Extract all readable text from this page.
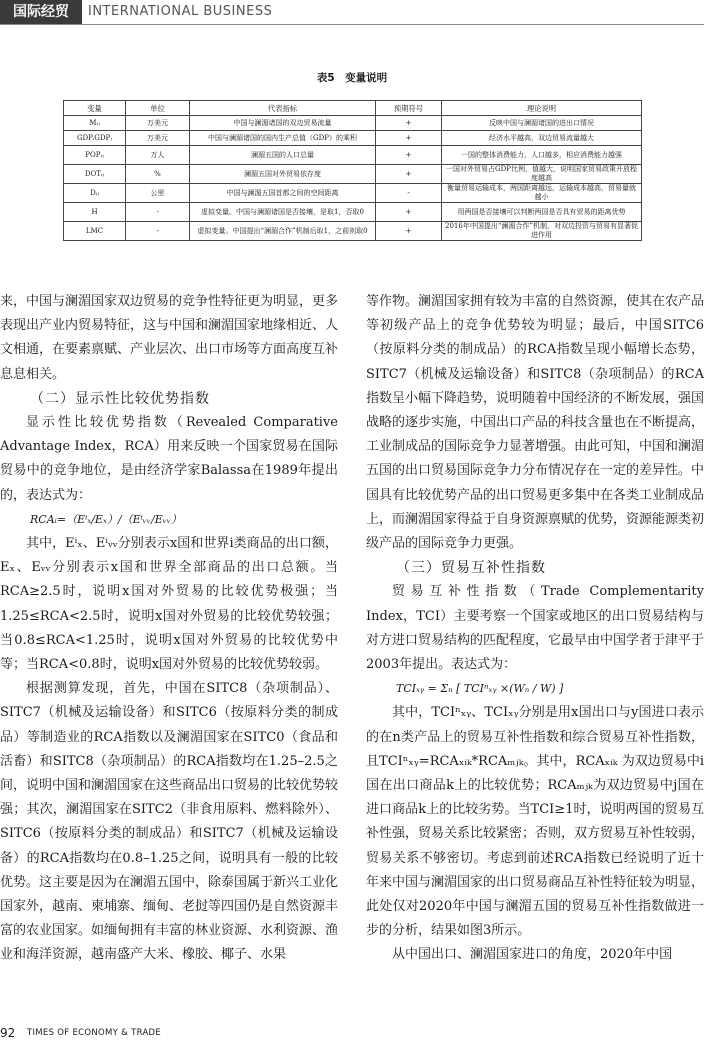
国际经贸	INTERNATIONAL BUSINESS
表5　变量说明
变量	单位	代表指标	预期符号	理论说明
Mᵢⱼ	万美元	中国与澜湄诸国的双边贸易流量	+	反映中国与澜湄诸国的进出口情况
GDPᵢGDPⱼ	万美元	中国与澜湄诸国的国内生产总值（GDP）的乘积	+	经济水平越高，双边贸易流量越大
POPᵢⱼ	万人	澜湄五国的人口总量	+	一国的整体消费能力，人口越多，相应消费能力越强
DOTᵢⱼ	%	澜湄五国对外贸易依存度	+	一国对外贸易占GDP比例，值越大，说明国家贸易政策开放程度越高
Dᵢⱼ	公里	中国与澜湄五国首都之间的空间距离	-	衡量贸易运输成本，两国距离越远，运输成本越高，贸易量就越小
H	-	虚拟变量。中国与澜湄诸国是否接壤，是取1，否取0	+	用两国是否接壤可以判断两国是否具有贸易的距离优势
LMC	-	虚拟变量。中国提出“澜湄合作”机制后取1，之前则取0	+	2016年中国提出“澜湄合作”机制，对双边投资与贸易有显著促进作用

来，中国与澜湄国家双边贸易的竞争性特征更为明显，更多表现出产业内贸易特征，这与中国和澜湄国家地缘相近、人文相通，在要素禀赋、产业层次、出口市场等方面高度互补息息相关。

（二）显示性比较优势指数

显示性比较优势指数（Revealed Comparative Advantage Index，RCA）用来反映一个国家贸易在国际贸易中的竞争地位，是由经济学家Balassa在1989年提出的，表达式为：

RCAᵢ=（Eⁱₓ/Eₓ）/（Eⁱᵥᵥ/Eᵥᵥ）

其中，Eⁱₓ、Eⁱᵥᵥ分别表示x国和世界i类商品的出口额，Eₓ、Eᵥᵥ分别表示x国和世界全部商品的出口总额。当RCA≥2.5时，说明x国对外贸易的比较优势极强；当1.25≤RCA<2.5时，说明x国对外贸易的比较优势较强；当0.8≤RCA<1.25时，说明x国对外贸易的比较优势中等；当RCA<0.8时，说明x国对外贸易的比较优势较弱。

根据测算发现，首先，中国在SITC8（杂项制品）、SITC7（机械及运输设备）和SITC6（按原料分类的制成品）等制造业的RCA指数以及澜湄国家在SITC0（食品和活畜）和SITC8（杂项制品）的RCA指数均在1.25–2.5之间，说明中国和澜湄国家在这些商品出口贸易的比较优势较强；其次，澜湄国家在SITC2（非食用原料、燃料除外）、SITC6（按原料分类的制成品）和SITC7（机械及运输设备）的RCA指数均在0.8–1.25之间，说明具有一般的比较优势。这主要是因为在澜湄五国中，除泰国属于新兴工业化国家外，越南、柬埔寨、缅甸、老挝等四国仍是自然资源丰富的农业国家。如缅甸拥有丰富的林业资源、水利资源、渔业和海洋资源，越南盛产大米、橡胶、椰子、水果

等作物。澜湄国家拥有较为丰富的自然资源，使其在农产品等初级产品上的竞争优势较为明显；最后，中国SITC6（按原料分类的制成品）的RCA指数呈现小幅增长态势，SITC7（机械及运输设备）和SITC8（杂项制品）的RCA指数呈小幅下降趋势，说明随着中国经济的不断发展，强国战略的逐步实施，中国出口产品的科技含量也在不断提高，工业制成品的国际竞争力显著增强。由此可知，中国和澜湄五国的出口贸易国际竞争力分布情况存在一定的差异性。中国具有比较优势产品的出口贸易更多集中在各类工业制成品上，而澜湄国家得益于自身资源禀赋的优势，资源能源类初级产品的国际竞争力更强。

（三）贸易互补性指数

贸易互补性指数（Trade Complementarity Index，TCI）主要考察一个国家或地区的出口贸易结构与对方进口贸易结构的匹配程度，它最早由中国学者于津平于2003年提出。表达式为：

TCIₓᵧ = Σₙ [ TCIⁿₓᵧ ×(Wₙ / W) ]

其中，TCIⁿₓᵧ、TCIₓᵧ分别是用x国出口与y国进口表示的在n类产品上的贸易互补性指数和综合贸易互补性指数，且TCIⁿₓᵧ=RCAₓᵢₖ*RCAₘⱼₖ。其中，RCAₓᵢₖ 为双边贸易中i国在出口商品k上的比较优势；RCAₘⱼₖ为双边贸易中j国在进口商品k上的比较劣势。当TCI≥1时，说明两国的贸易互补性强，贸易关系比较紧密；否则，双方贸易互补性较弱，贸易关系不够密切。考虑到前述RCA指数已经说明了近十年来中国与澜湄国家的出口贸易商品互补性特征较为明显，此处仅对2020年中国与澜湄五国的贸易互补性指数做进一步的分析，结果如图3所示。

从中国出口、澜湄国家进口的角度，2020年中国

92 TIMES OF ECONOMY & TRADE
